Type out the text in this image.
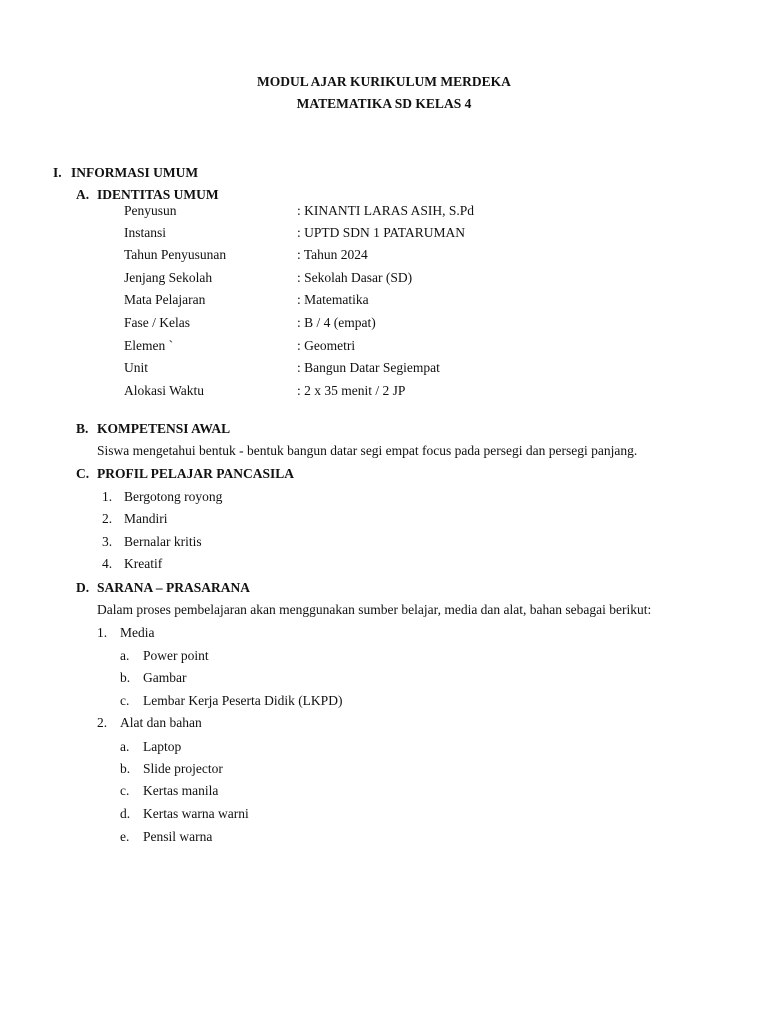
MODUL AJAR KURIKULUM MERDEKA
MATEMATIKA SD KELAS 4
I. INFORMASI UMUM
A. IDENTITAS UMUM
Penyusun	: KINANTI LARAS ASIH, S.Pd
Instansi	: UPTD SDN 1 PATARUMAN
Tahun Penyusunan	: Tahun 2024
Jenjang Sekolah	: Sekolah Dasar (SD)
Mata Pelajaran	: Matematika
Fase / Kelas	: B / 4 (empat)
Elemen `	: Geometri
Unit	: Bangun Datar Segiempat
Alokasi Waktu	: 2 x 35 menit / 2 JP
B. KOMPETENSI AWAL
Siswa mengetahui bentuk - bentuk bangun datar segi empat focus pada persegi dan persegi panjang.
C. PROFIL PELAJAR PANCASILA
1. Bergotong royong
2. Mandiri
3. Bernalar kritis
4. Kreatif
D. SARANA – PRASARANA
Dalam proses pembelajaran akan menggunakan sumber belajar, media dan alat, bahan sebagai berikut:
1. Media
a. Power point
b. Gambar
c. Lembar Kerja Peserta Didik (LKPD)
2. Alat dan bahan
a. Laptop
b. Slide projector
c. Kertas manila
d. Kertas warna warni
e. Pensil warna
